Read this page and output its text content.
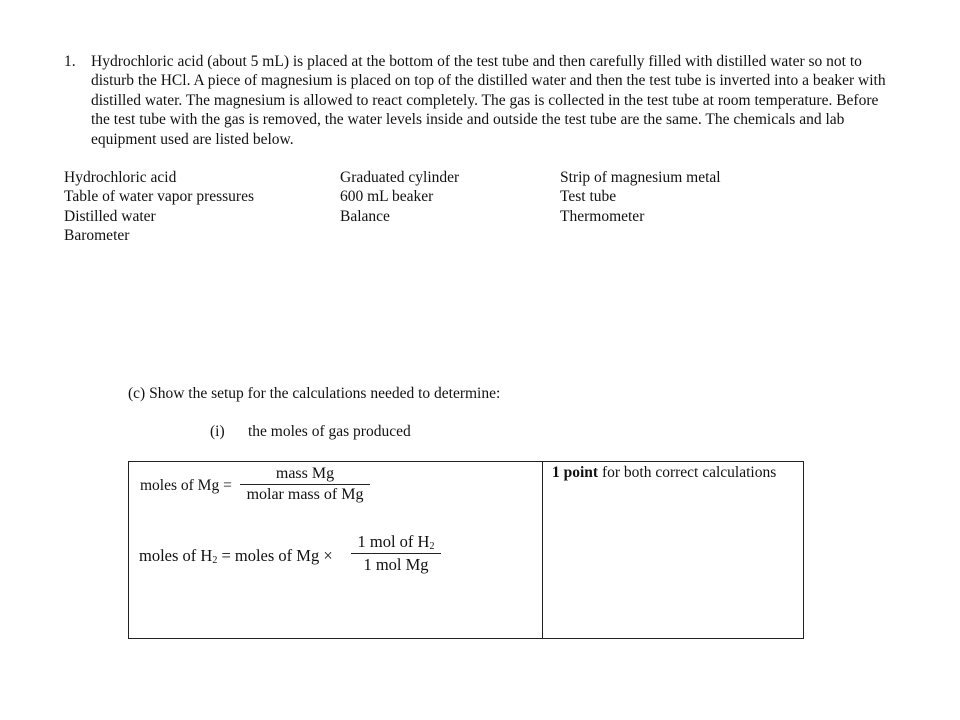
1. Hydrochloric acid (about 5 mL) is placed at the bottom of the test tube and then carefully filled with distilled water so not to disturb the HCl. A piece of magnesium is placed on top of the distilled water and then the test tube is inverted into a beaker with distilled water. The magnesium is allowed to react completely. The gas is collected in the test tube at room temperature. Before the test tube with the gas is removed, the water levels inside and outside the test tube are the same. The chemicals and lab equipment used are listed below.
Hydrochloric acid
Table of water vapor pressures
Distilled water
Barometer
Graduated cylinder
600 mL beaker
Balance
Strip of magnesium metal
Test tube
Thermometer
(c) Show the setup for the calculations needed to determine:
(i) the moles of gas produced
moles of Mg =
mass Mg
molar mass of Mg
moles of $H_2$ = moles of Mg ×
1 mol of $H_2$
1 mol Mg
1 point for both correct calculations
